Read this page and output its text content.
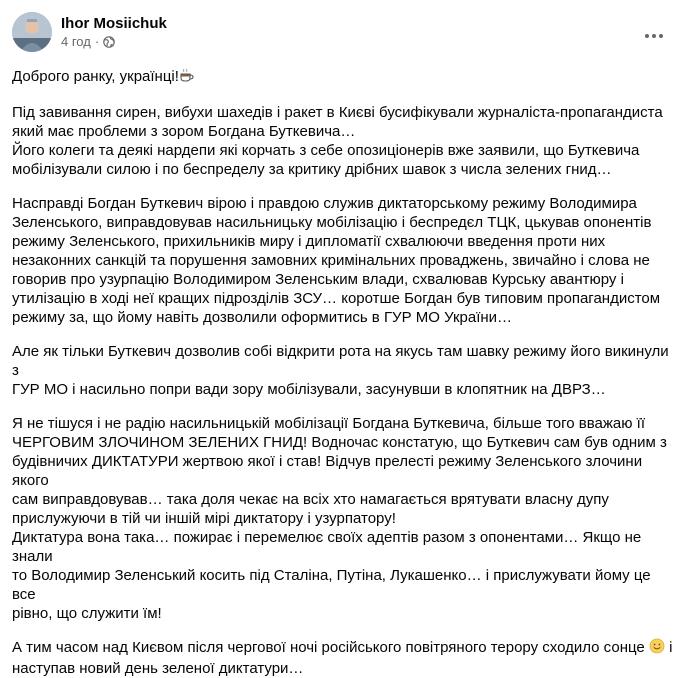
Ihor Mosiichuk
4 год ·
Доброго ранку, українці!
Під завивання сирен, вибухи шахедів і ракет в Києві бусифікували журналіста-пропагандиста
який має проблеми з зором Богдана Буткевича…
Його колеги та деякі нардепи які корчать з себе опозиціонерів вже заявили, що Буткевича
мобілізували силою і по беспределу за критику дрібних шавок з числа зелених гнид…
Насправді Богдан Буткевич вірою і правдою служив диктаторському режиму Володимира
Зеленського, виправдовував насильницьку мобілізацію і беспредєл ТЦК, цькував опонентів
режиму Зеленського, прихильників миру і дипломатії схвалюючи введення проти них
незаконних санкцій та порушення замовних кримінальних проваджень, звичайно і слова не
говорив про узурпацію Володимиром Зеленським влади, схвалював Курську авантюру і
утилізацію в ході неї кращих підрозділів ЗСУ… коротше Богдан був типовим пропагандистом
режиму за, що йому навіть дозволили оформитись в ГУР МО України…
Але як тільки Буткевич дозволив собі відкрити рота на якусь там шавку режиму його викинули з
ГУР МО і насильно попри вади зору мобілізували, засунувши в клопятник на ДВРЗ…
Я не тішуся і не радію насильницькій мобілізації Богдана Буткевича, більше того вважаю її
ЧЕРГОВИМ ЗЛОЧИНОМ ЗЕЛЕНИХ ГНИД! Водночас констатую, що Буткевич сам був одним з
будівничих ДИКТАТУРИ жертвою якої і став! Відчув прелесті режиму Зеленського злочини якого
сам виправдовував… така доля чекає на всіх хто намагається врятувати власну дупу
прислужуючи в тій чи іншій мірі диктатору і узурпатору!
Диктатура вона така… пожирає і перемелює своїх адептів разом з опонентами… Якщо не знали
то Володимир Зеленський косить під Сталіна, Путіна, Лукашенко… і прислужувати йому це все
рівно, що служити їм!
А тим часом над Києвом після чергової ночі російського повітряного терору сходило сонце і
наступав новий день зеленої диктатури…
